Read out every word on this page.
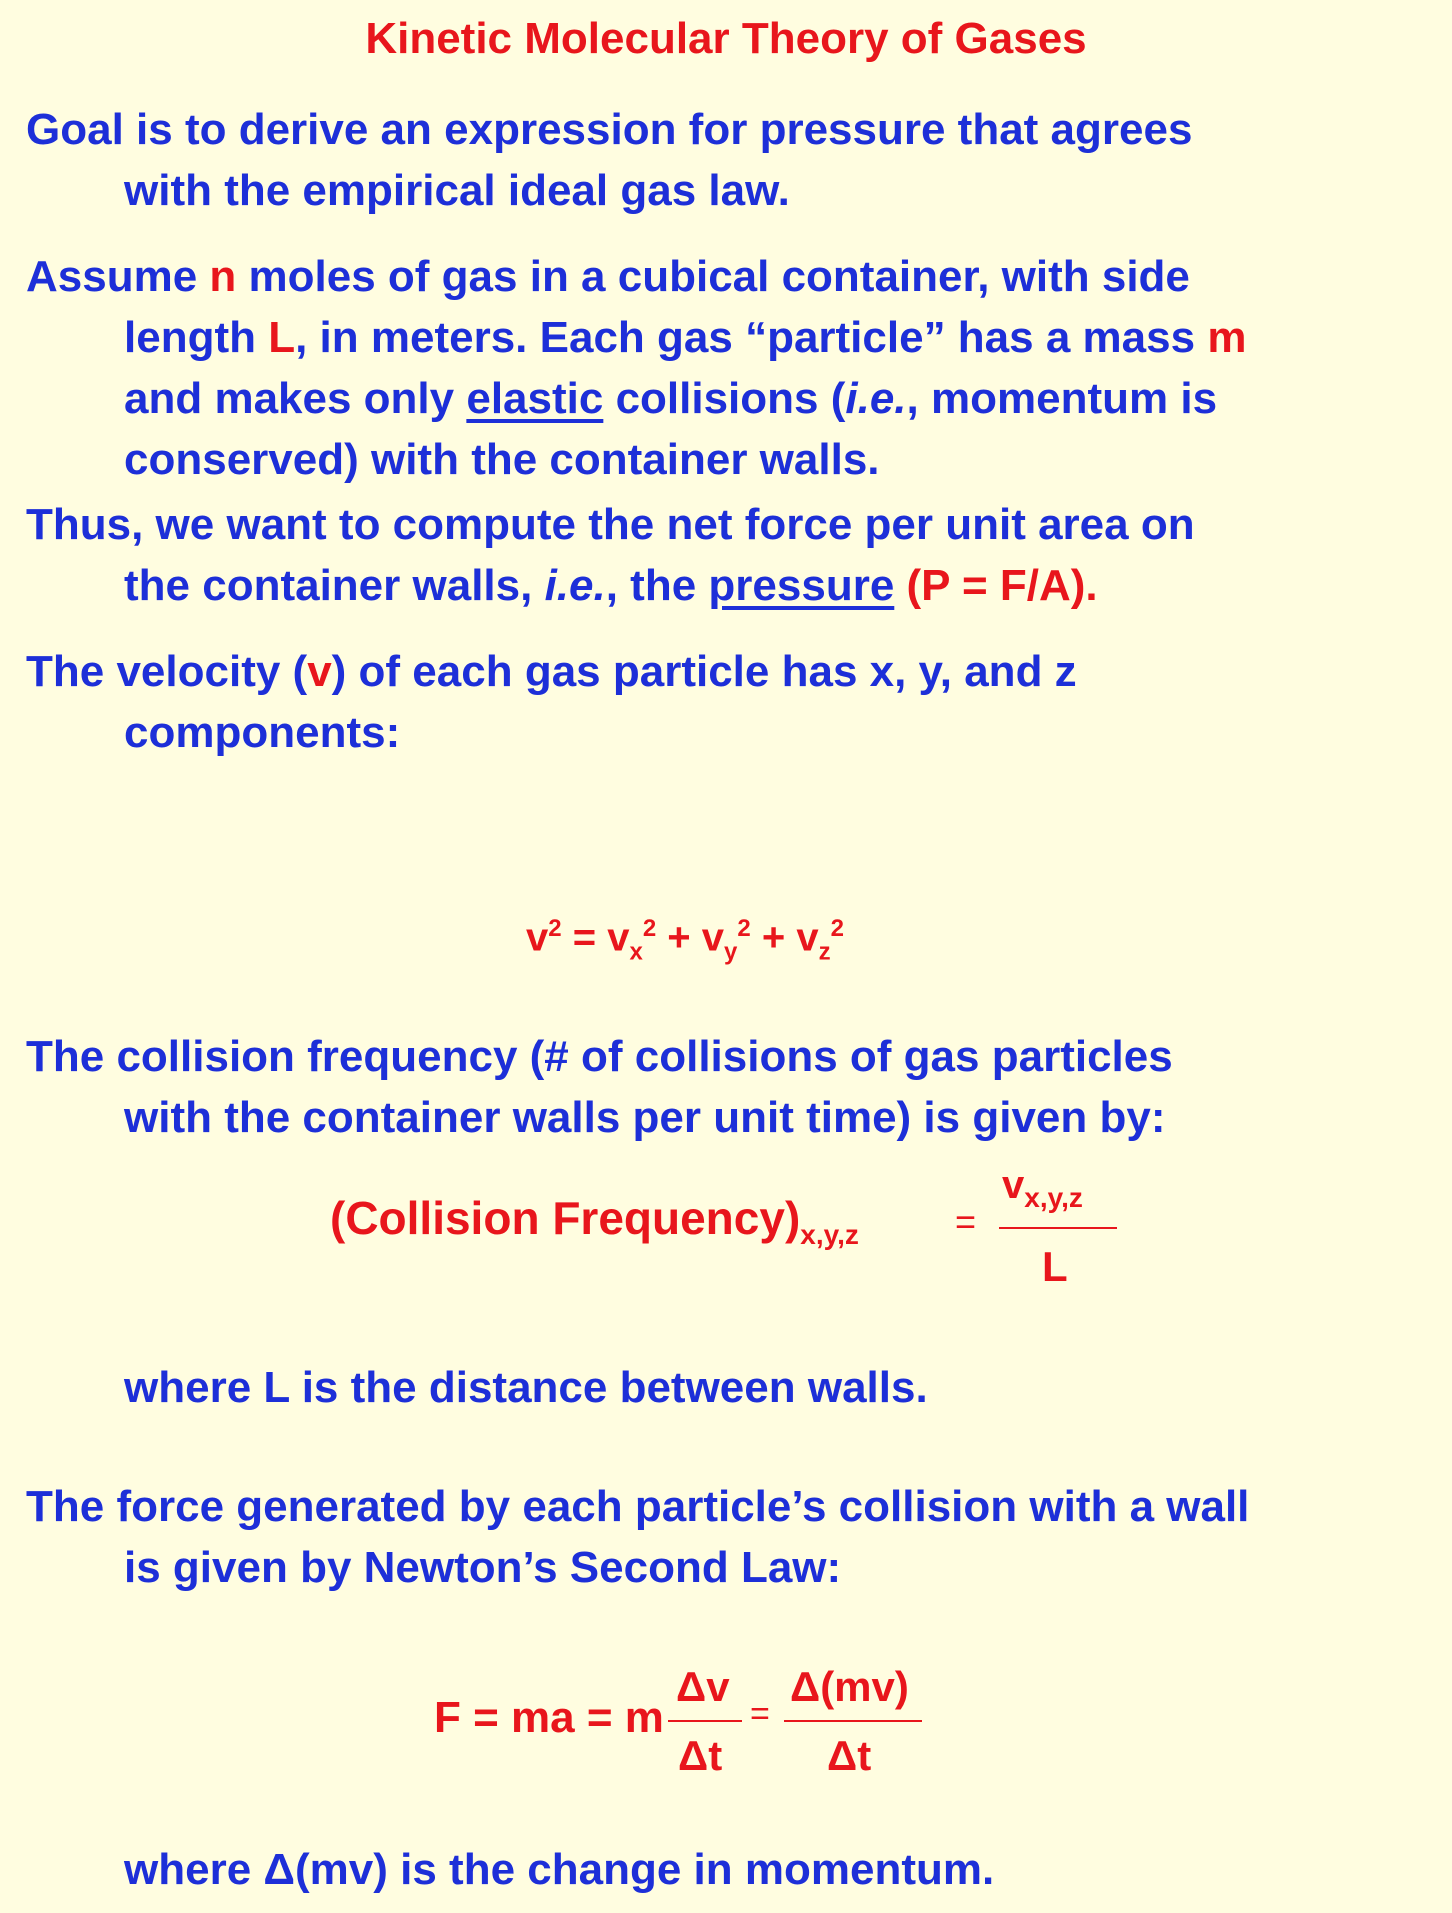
Kinetic Molecular Theory of Gases
Goal is to derive an expression for pressure that agrees
with the empirical ideal gas law.
Assume n moles of gas in a cubical container, with side
length L, in meters. Each gas “particle” has a mass m
and makes only elastic collisions (i.e., momentum is
conserved) with the container walls.
Thus, we want to compute the net force per unit area on
the container walls, i.e., the pressure (P = F/A).
The velocity (v) of each gas particle has x, y, and z
components:
$v^2 = v_x^2 + v_y^2 + v_z^2$
The collision frequency (# of collisions of gas particles
with the container walls per unit time) is given by:
(Collision $Frequency)_{x,y,z}$	=
$v_{x,y,z}$
L
where L is the distance between walls.
The force generated by each particle’s collision with a wall
is given by Newton’s Second Law:
F = ma = m
Δv
Δt
=
Δ(mv)
Δt
where Δ(mv) is the change in momentum.
